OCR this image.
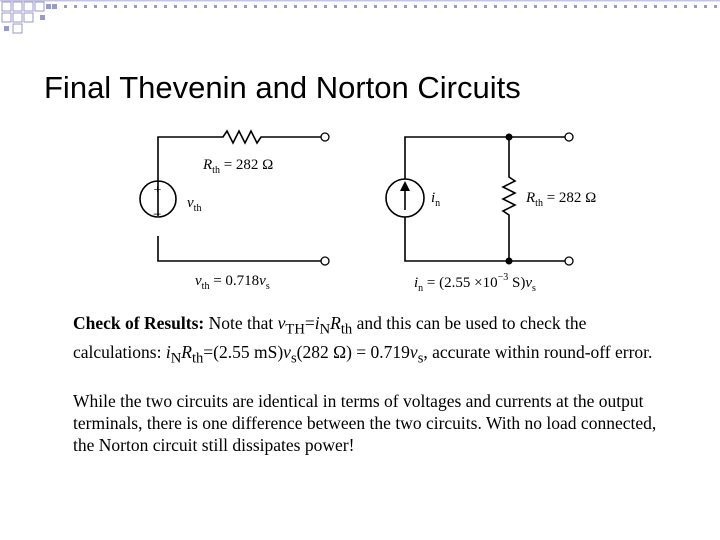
Final Thevenin and Norton Circuits
+
−
$R_{th} = 282$ Ω
$v_{th}$
$v_{th} = 0.718v_s$
$i_n$	$R_{th} = 282$ Ω
$i_n = (2.55 \times 10^{-3}$ $S)v_s$

Check of Results: Note that $v_{TH}=i_NR_{th}$ and this can be used to check the calculations: $i_NR_{th}=(2.55$ $mS)v_s(282$ $\Omega) = 0.719v_s$, accurate within round-off error.

While the two circuits are identical in terms of voltages and currents at the output terminals, there is one difference between the two circuits. With no load connected, the Norton circuit still dissipates power!
